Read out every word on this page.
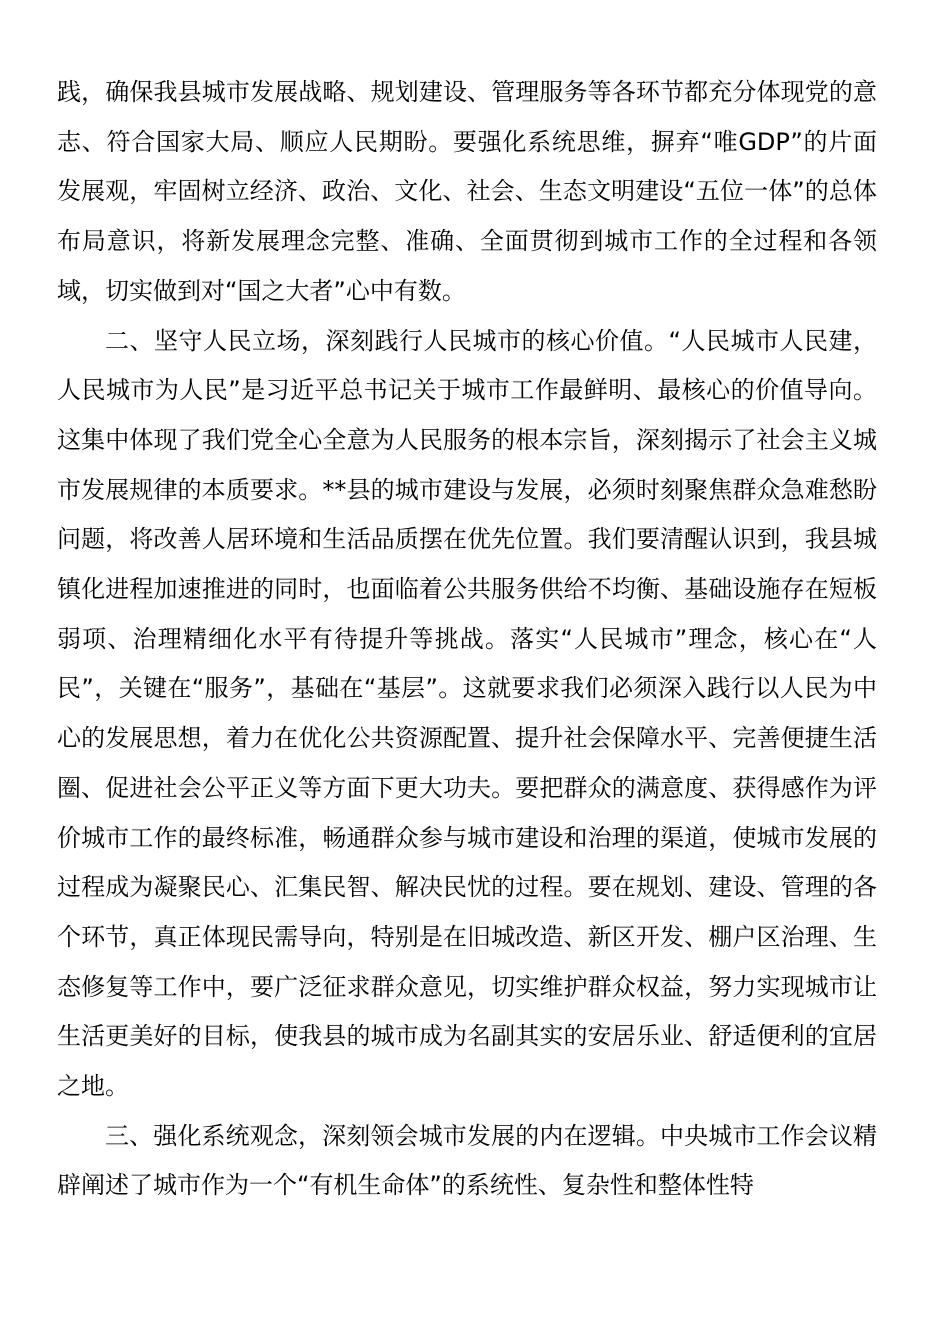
践，确保我县城市发展战略、规划建设、管理服务等各环节都充分体现党的意志、符合国家大局、顺应人民期盼。要强化系统思维，摒弃“唯GDP”的片面发展观，牢固树立经济、政治、文化、社会、生态文明建设“五位一体”的总体布局意识，将新发展理念完整、准确、全面贯彻到城市工作的全过程和各领域，切实做到对“国之大者”心中有数。

二、坚守人民立场，深刻践行人民城市的核心价值。“人民城市人民建，人民城市为人民”是习近平总书记关于城市工作最鲜明、最核心的价值导向。这集中体现了我们党全心全意为人民服务的根本宗旨，深刻揭示了社会主义城市发展规律的本质要求。**县的城市建设与发展，必须时刻聚焦群众急难愁盼问题，将改善人居环境和生活品质摆在优先位置。我们要清醒认识到，我县城镇化进程加速推进的同时，也面临着公共服务供给不均衡、基础设施存在短板弱项、治理精细化水平有待提升等挑战。落实“人民城市”理念，核心在“人民”，关键在“服务”，基础在“基层”。这就要求我们必须深入践行以人民为中心的发展思想，着力在优化公共资源配置、提升社会保障水平、完善便捷生活圈、促进社会公平正义等方面下更大功夫。要把群众的满意度、获得感作为评价城市工作的最终标准，畅通群众参与城市建设和治理的渠道，使城市发展的过程成为凝聚民心、汇集民智、解决民忧的过程。要在规划、建设、管理的各个环节，真正体现民需导向，特别是在旧城改造、新区开发、棚户区治理、生态修复等工作中，要广泛征求群众意见，切实维护群众权益，努力实现城市让生活更美好的目标，使我县的城市成为名副其实的安居乐业、舒适便利的宜居之地。

三、强化系统观念，深刻领会城市发展的内在逻辑。中央城市工作会议精辟阐述了城市作为一个“有机生命体”的系统性、复杂性和整体性特
